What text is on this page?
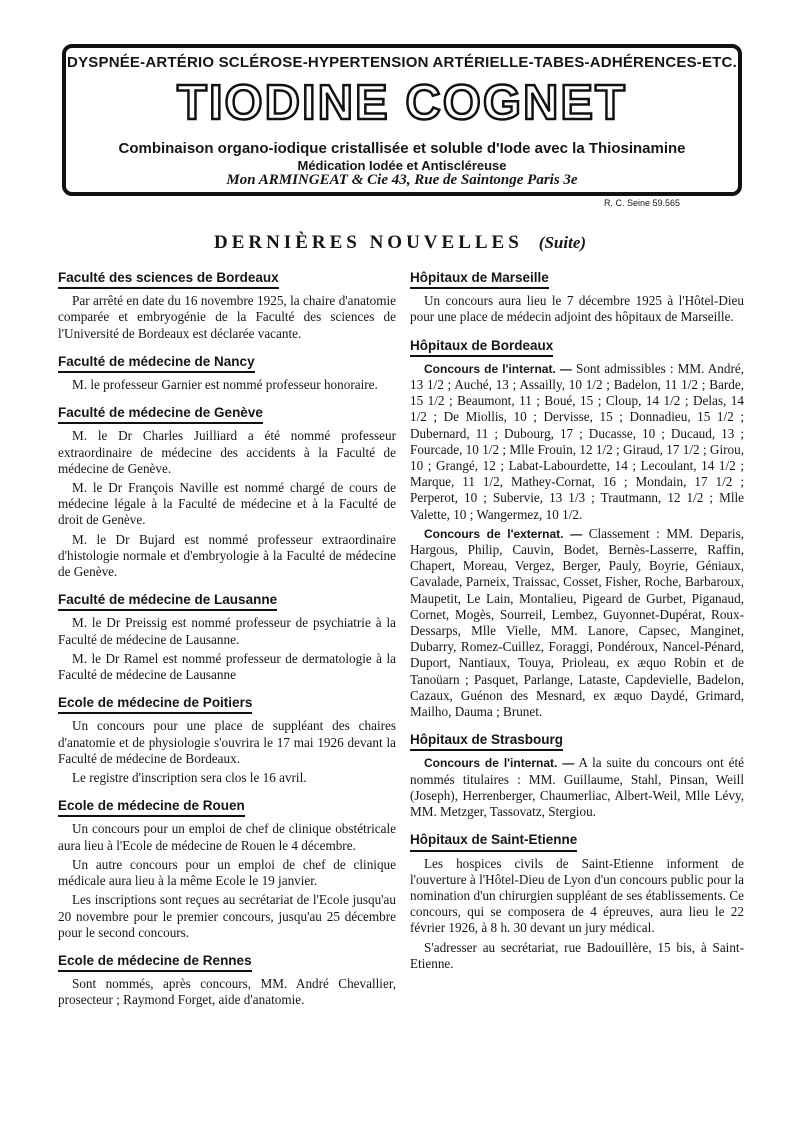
DYSPNÉE-ARTÉRIO SCLÉROSE-HYPERTENSION ARTÉRIELLE-TABES-ADHÉRENCES-ETC.
TIODINE COGNET
Combinaison organo-iodique cristallisée et soluble d'Iode avec la Thiosinamine
Médication Iodée et Antiscléreuse
Mon ARMINGEAT & Cie 43, Rue de Saintonge Paris 3e
R. C. Seine 59.565
DERNIÈRES NOUVELLES (Suite)
Faculté des sciences de Bordeaux

Par arrêté en date du 16 novembre 1925, la chaire d'anatomie comparée et embryogénie de la Faculté des sciences de l'Université de Bordeaux est déclarée vacante.

Faculté de médecine de Nancy

M. le professeur Garnier est nommé professeur honoraire.

Faculté de médecine de Genève

M. le Dr Charles Juilliard a été nommé professeur extraordinaire de médecine des accidents à la Faculté de médecine de Genève.

M. le Dr François Naville est nommé chargé de cours de médecine légale à la Faculté de médecine et à la Faculté de droit de Genève.

M. le Dr Bujard est nommé professeur extraordinaire d'histologie normale et d'embryologie à la Faculté de médecine de Genève.

Faculté de médecine de Lausanne

M. le Dr Preissig est nommé professeur de psychiatrie à la Faculté de médecine de Lausanne.

M. le Dr Ramel est nommé professeur de dermatologie à la Faculté de médecine de Lausanne

Ecole de médecine de Poitiers

Un concours pour une place de suppléant des chaires d'anatomie et de physiologie s'ouvrira le 17 mai 1926 devant la Faculté de médecine de Bordeaux.

Le registre d'inscription sera clos le 16 avril.

Ecole de médecine de Rouen

Un concours pour un emploi de chef de clinique obstétricale aura lieu à l'Ecole de médecine de Rouen le 4 décembre.

Un autre concours pour un emploi de chef de clinique médicale aura lieu à la même Ecole le 19 janvier.

Les inscriptions sont reçues au secrétariat de l'Ecole jusqu'au 20 novembre pour le premier concours, jusqu'au 25 décembre pour le second concours.

Ecole de médecine de Rennes

Sont nommés, après concours, MM. André Chevallier, prosecteur ; Raymond Forget, aide d'anatomie.

Hôpitaux de Marseille

Un concours aura lieu le 7 décembre 1925 à l'Hôtel-Dieu pour une place de médecin adjoint des hôpitaux de Marseille.

Hôpitaux de Bordeaux

Concours de l'internat. — Sont admissibles : MM. André, 13 1/2 ; Auché, 13 ; Assailly, 10 1/2 ; Badelon, 11 1/2 ; Barde, 15 1/2 ; Beaumont, 11 ; Boué, 15 ; Cloup, 14 1/2 ; Delas, 14 1/2 ; De Miollis, 10 ; Dervisse, 15 ; Donnadieu, 15 1/2 ; Dubernard, 11 ; Dubourg, 17 ; Ducasse, 10 ; Ducaud, 13 ; Fourcade, 10 1/2 ; Mlle Frouin, 12 1/2 ; Giraud, 17 1/2 ; Girou, 10 ; Grangé, 12 ; Labat-Labourdette, 14 ; Lecoulant, 14 1/2 ; Marque, 11 1/2, Mathey-Cornat, 16 ; Mondain, 17 1/2 ; Perperot, 10 ; Subervie, 13 1/3 ; Trautmann, 12 1/2 ; Mlle Valette, 10 ; Wangermez, 10 1/2.

Concours de l'externat. — Classement : MM. Deparis, Hargous, Philip, Cauvin, Bodet, Bernès-Lasserre, Raffin, Chapert, Moreau, Vergez, Berger, Pauly, Boyrie, Géniaux, Cavalade, Parneix, Traissac, Cosset, Fisher, Roche, Barbaroux, Maupetit, Le Lain, Montalieu, Pigeard de Gurbet, Piganaud, Cornet, Mogès, Sourreil, Lembez, Guyonnet-Dupérat, Roux-Dessarps, Mlle Vielle, MM. Lanore, Capsec, Manginet, Dubarry, Romez-Cuillez, Foraggi, Pondéroux, Nancel-Pénard, Duport, Nantiaux, Touya, Prioleau, ex æquo Robin et de Tanoüarn ; Pasquet, Parlange, Lataste, Capdevielle, Badelon, Cazaux, Guénon des Mesnard, ex æquo Daydé, Grimard, Mailho, Dauma ; Brunet.

Hôpitaux de Strasbourg

Concours de l'internat. — A la suite du concours ont été nommés titulaires : MM. Guillaume, Stahl, Pinsan, Weill (Joseph), Herrenberger, Chaumerliac, Albert-Weil, Mlle Lévy, MM. Metzger, Tassovatz, Stergiou.

Hôpitaux de Saint-Etienne

Les hospices civils de Saint-Etienne informent de l'ouverture à l'Hôtel-Dieu de Lyon d'un concours public pour la nomination d'un chirurgien suppléant de ses établissements. Ce concours, qui se composera de 4 épreuves, aura lieu le 22 février 1926, à 8 h. 30 devant un jury médical.

S'adresser au secrétariat, rue Badouillère, 15 bis, à Saint-Etienne.
